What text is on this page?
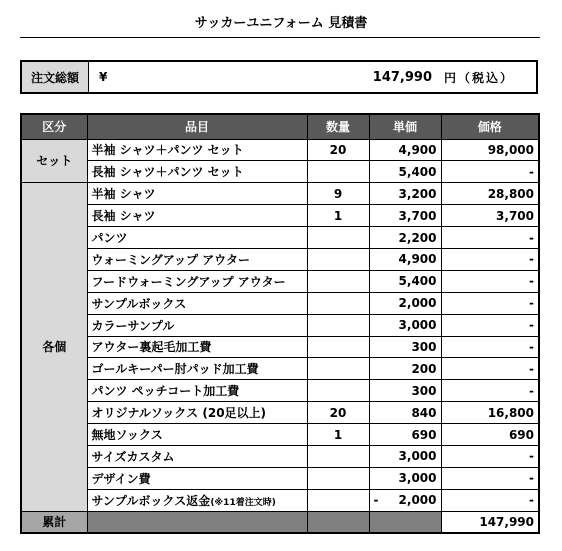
サッカーユニフォーム 見積書
注文総額	¥	147,990	円（税込）
区分	品目	数量	単価	価格
セット	半袖 シャツ＋パンツ セット	20	4,900	98,000
	長袖 シャツ＋パンツ セット		5,400	-
各個	半袖 シャツ	9	3,200	28,800
	長袖 シャツ	1	3,700	3,700
	パンツ		2,200	-
	ウォーミングアップ アウター		4,900	-
	フードウォーミングアップ アウター		5,400	-
	サンプルボックス		2,000	-
	カラーサンプル		3,000	-
	アウター裏起毛加工費		300	-
	ゴールキーパー肘パッド加工費		200	-
	パンツ ペッチコート加工費		300	-
	オリジナルソックス (20足以上)	20	840	16,800
	無地ソックス	1	690	690
	サイズカスタム		3,000	-
	デザイン費		3,000	-
	サンプルボックス返金(※11着注文時)		- 2,000	-
累計				147,990
